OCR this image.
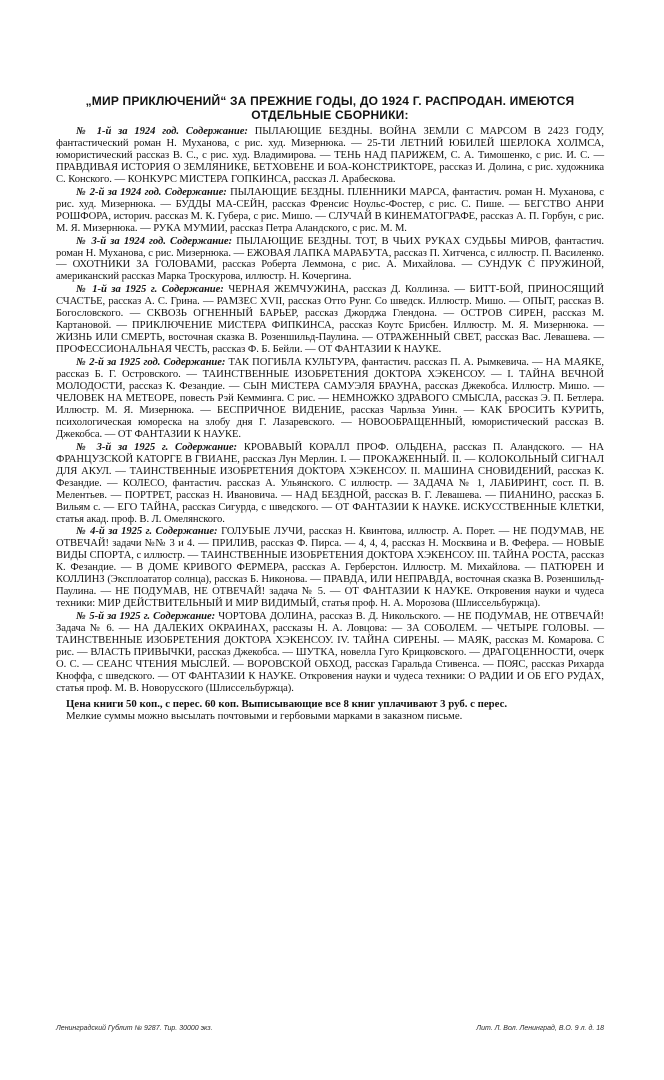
„МИР ПРИКЛЮЧЕНИЙ“ ЗА ПРЕЖНИЕ ГОДЫ, ДО 1924 Г. РАСПРОДАН. ИМЕЮТСЯ ОТДЕЛЬНЫЕ СБОРНИКИ:

№ 1-й за 1924 год. Содержание: ПЫЛАЮЩИЕ БЕЗДНЫ. ВОЙНА ЗЕМЛИ С МАРСОМ В 2423 ГОДУ, фантастический роман Н. Муханова, с рис. худ. Мизернюка. — 25-ТИ ЛЕТНИЙ ЮБИЛЕЙ ШЕРЛОКА ХОЛМСА, юмористический рассказ В. С., с рис. худ. Владимирова. — ТЕНЬ НАД ПАРИЖЕМ, С. А. Тимошенко, с рис. И. С. — ПРАВДИВАЯ ИСТОРИЯ О ЗЕМЛЯНИКЕ, БЕТХОВЕНЕ И БОА-КОНСТРИКТОРЕ, рассказ И. Долина, с рис. художника С. Конского. — КОНКУРС МИСТЕРА ГОПКИНСА, рассказ Л. Арабескова.

№ 2-й за 1924 год. Содержание: ПЫЛАЮЩИЕ БЕЗДНЫ. ПЛЕННИКИ МАРСА, фантастич. роман Н. Муханова, с рис. худ. Мизернюка. — БУДДЫ МА-СЕЙН, рассказ Френсис Ноульс-Фостер, с рис. С. Пише. — БЕГСТВО АНРИ РОШФОРА, историч. рассказ М. К. Губера, с рис. Мишо. — СЛУЧАЙ В КИНЕМАТОГРАФЕ, рассказ А. П. Горбун, с рис. М. Я. Мизернюка. — РУКА МУМИИ, рассказ Петра Аландского, с рис. М. М.

№ 3-й за 1924 год. Содержание: ПЫЛАЮЩИЕ БЕЗДНЫ. ТОТ, В ЧЬИХ РУКАХ СУДЬБЫ МИРОВ, фантастич. роман Н. Муханова, с рис. Мизернюка. — ЕЖОВАЯ ЛАПКА МАРАБУТА, рассказ П. Хитченса, с иллюстр. П. Василенко. — ОХОТНИКИ ЗА ГОЛОВАМИ, рассказ Роберта Леммона, с рис. А. Михайлова. — СУНДУК С ПРУЖИНОЙ, американский рассказ Марка Троскурова, иллюстр. Н. Кочергина.

№ 1-й за 1925 г. Содержание: ЧЕРНАЯ ЖЕМЧУЖИНА, рассказ Д. Коллинза. — БИТТ-БОЙ, ПРИНОСЯЩИЙ СЧАСТЬЕ, рассказ А. С. Грина. — РАМЗЕС XVII, рассказ Отто Рунг. Со шведск. Иллюстр. Мишо. — ОПЫТ, рассказ В. Богословского. — СКВОЗЬ ОГНЕННЫЙ БАРЬЕР, рассказ Джорджа Глендона. — ОСТРОВ СИРЕН, рассказ М. Картановой. — ПРИКЛЮЧЕНИЕ МИСТЕРА ФИПКИНСА, рассказ Коутс Брисбен. Иллюстр. М. Я. Мизернюка. — ЖИЗНЬ ИЛИ СМЕРТЬ, восточная сказка В. Розеншильд-Паулина. — ОТРАЖЕННЫЙ СВЕТ, рассказ Вас. Левашева. — ПРОФЕССИОНАЛЬНАЯ ЧЕСТЬ, рассказ Ф. Б. Бейли. — ОТ ФАНТАЗИИ К НАУКЕ.

№ 2-й за 1925 год. Содержание: ТАК ПОГИБЛА КУЛЬТУРА, фантастич. рассказ П. А. Рымкевича. — НА МАЯКЕ, рассказ Б. Г. Островского. — ТАИНСТВЕННЫЕ ИЗОБРЕТЕНИЯ ДОКТОРА ХЭКЕНСОУ. — I. ТАЙНА ВЕЧНОЙ МОЛОДОСТИ, рассказ К. Фезандие. — СЫН МИСТЕРА САМУЭЛЯ БРАУНА, рассказ Джекобса. Иллюстр. Мишо. — ЧЕЛОВЕК НА МЕТЕОРЕ, повесть Рэй Кемминга. С рис. — НЕМНОЖКО ЗДРАВОГО СМЫСЛА, рассказ Э. П. Бетлера. Иллюстр. М. Я. Мизернюка. — БЕСПРИЧНОЕ ВИДЕНИЕ, рассказ Чарльза Уинн. — КАК БРОСИТЬ КУРИТЬ, психологическая юмореска на злобу дня Г. Лазаревского. — НОВООБРАЩЕННЫЙ, юмористический рассказ В. Джекобса. — ОТ ФАНТАЗИИ К НАУКЕ.

№ 3-й за 1925 г. Содержание: КРОВАВЫЙ КОРАЛЛ ПРОФ. ОЛЬДЕНА, рассказ П. Аландского. — НА ФРАНЦУЗСКОЙ КАТОРГЕ В ГВИАНЕ, рассказ Лун Мерлин. I. — ПРОКАЖЕННЫЙ. II. — КОЛОКОЛЬНЫЙ СИГНАЛ ДЛЯ АКУЛ. — ТАИНСТВЕННЫЕ ИЗОБРЕТЕНИЯ ДОКТОРА ХЭКЕНСОУ. II. МАШИНА СНОВИДЕНИЙ, рассказ К. Фезандие. — КОЛЕСО, фантастич. рассказ А. Ульянского. С иллюстр. — ЗАДАЧА № 1, ЛАБИРИНТ, сост. П. В. Мелентьев. — ПОРТРЕТ, рассказ Н. Ивановича. — НАД БЕЗДНОЙ, рассказ В. Г. Левашева. — ПИАНИНО, рассказ Б. Вильям с. — ЕГО ТАЙНА, рассказ Сигурда, с шведского. — ОТ ФАНТАЗИИ К НАУКЕ. ИСКУССТВЕННЫЕ КЛЕТКИ, статья акад. проф. В. Л. Омелянского.

№ 4-й за 1925 г. Содержание: ГОЛУБЫЕ ЛУЧИ, рассказ Н. Квинтова, иллюстр. А. Порет. — НЕ ПОДУМАВ, НЕ ОТВЕЧАЙ! задачи №№ 3 и 4. — ПРИЛИВ, рассказ Ф. Пирса. — 4, 4, 4, рассказ Н. Москвина и В. Фефера. — НОВЫЕ ВИДЫ СПОРТА, с иллюстр. — ТАИНСТВЕННЫЕ ИЗОБРЕТЕНИЯ ДОКТОРА ХЭКЕНСОУ. III. ТАЙНА РОСТА, рассказ К. Фезандие. — В ДОМЕ КРИВОГО ФЕРМЕРА, рассказ А. Герберстон. Иллюстр. М. Михайлова. — ПАТЮРЕН И КОЛЛИНЗ (Эксплоататор солнца), рассказ Б. Никонова. — ПРАВДА, ИЛИ НЕПРАВДА, восточная сказка В. Розеншильд-Паулина. — НЕ ПОДУМАВ, НЕ ОТВЕЧАЙ! задача № 5. — ОТ ФАНТАЗИИ К НАУКЕ. Откровения науки и чудеса техники: МИР ДЕЙСТВИТЕЛЬНЫЙ И МИР ВИДИМЫЙ, статья проф. Н. А. Морозова (Шлиссельбуржца).

№ 5-й за 1925 г. Содержание: ЧОРТОВА ДОЛИНА, рассказ В. Д. Никольского. — НЕ ПОДУМАВ, НЕ ОТВЕЧАЙ! Задача № 6. — НА ДАЛЕКИХ ОКРАИНАХ, рассказы Н. А. Ловцова: — ЗА СОБОЛЕМ. — ЧЕТЫРЕ ГОЛОВЫ. — ТАИНСТВЕННЫЕ ИЗОБРЕТЕНИЯ ДОКТОРА ХЭКЕНСОУ. IV. ТАЙНА СИРЕНЫ. — МАЯК, рассказ М. Комарова. С рис. — ВЛАСТЬ ПРИВЫЧКИ, рассказ Джекобса. — ШУТКА, новелла Гуго Крицковского. — ДРАГОЦЕННОСТИ, очерк О. С. — СЕАНС ЧТЕНИЯ МЫСЛЕЙ. — ВОРОВСКОЙ ОБХОД, рассказ Гаральда Стивенса. — ПОЯС, рассказ Рихарда Кноффа, с шведского. — ОТ ФАНТАЗИИ К НАУКЕ. Откровения науки и чудеса техники: О РАДИИ И ОБ ЕГО РУДАХ, статья проф. М. В. Новорусского (Шлиссельбуржца).

Цена книги 50 коп., с перес. 60 коп. Выписывающие все 8 книг уплачивают 3 руб. с перес.

Мелкие суммы можно высылать почтовыми и гербовыми марками в заказном письме.

Ленинградский Гублит № 9287. Тир. 30000 экз.	Лит. Л. Вол. Ленинград, В.О. 9 л. д. 18
